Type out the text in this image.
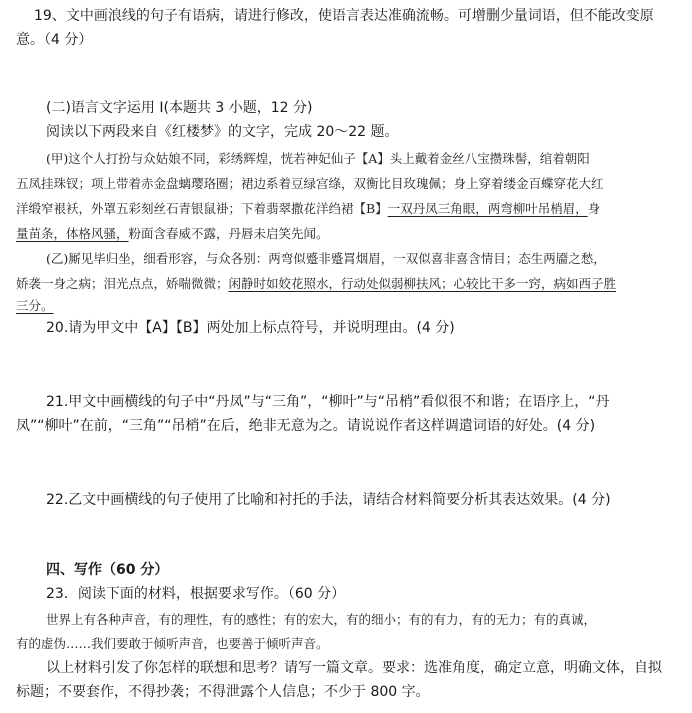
19、文中画浪线的句子有语病，请进行修改，使语言表达准确流畅。可增删少量词语，但不能改变原
意。（4 分）
(二)语言文字运用 I(本题共 3 小题，12 分)
阅读以下两段来自《红楼梦》的文字，完成 20～22 题。
(甲)这个人打扮与众姑娘不同，彩绣辉煌，恍若神妃仙子【A】头上戴着金丝八宝攒珠髻，绾着朝阳
五凤挂珠钗；项上带着赤金盘螭璎珞圈；裙边系着豆绿宫绦，双衡比目玫瑰佩；身上穿着缕金百蝶穿花大红
洋缎窄裉袄，外罩五彩刻丝石青银鼠褂；下着翡翠撒花洋绉裙【B】一双丹凤三角眼，两弯柳叶吊梢眉，身
量苗条，体格风骚，粉面含春威不露，丹唇未启笑先闻。
(乙)厮见毕归坐，细看形容，与众各别：两弯似蹙非蹙罥烟眉，一双似喜非喜含情目；态生两靥之愁，
娇袭一身之病；泪光点点，娇喘微微；闲静时如姣花照水，行动处似弱柳扶风；心较比干多一窍，病如西子胜
三分。
20.请为甲文中【A】【B】两处加上标点符号，并说明理由。(4 分)
21.甲文中画横线的句子中“丹凤”与“三角”，“柳叶”与“吊梢”看似很不和谐；在语序上，“丹
凤”“柳叶”在前，“三角”“吊梢”在后，绝非无意为之。请说说作者这样调遣词语的好处。(4 分)
22.乙文中画横线的句子使用了比喻和衬托的手法，请结合材料简要分析其表达效果。(4 分)
四、写作（60 分）
23．阅读下面的材料，根据要求写作。（60 分）
世界上有各种声音，有的理性，有的感性；有的宏大，有的细小；有的有力，有的无力；有的真诚，
有的虚伪……我们要敢于倾听声音，也要善于倾听声音。
以上材料引发了你怎样的联想和思考？请写一篇文章。要求：选准角度，确定立意，明确文体，自拟
标题；不要套作，不得抄袭；不得泄露个人信息；不少于 800 字。
